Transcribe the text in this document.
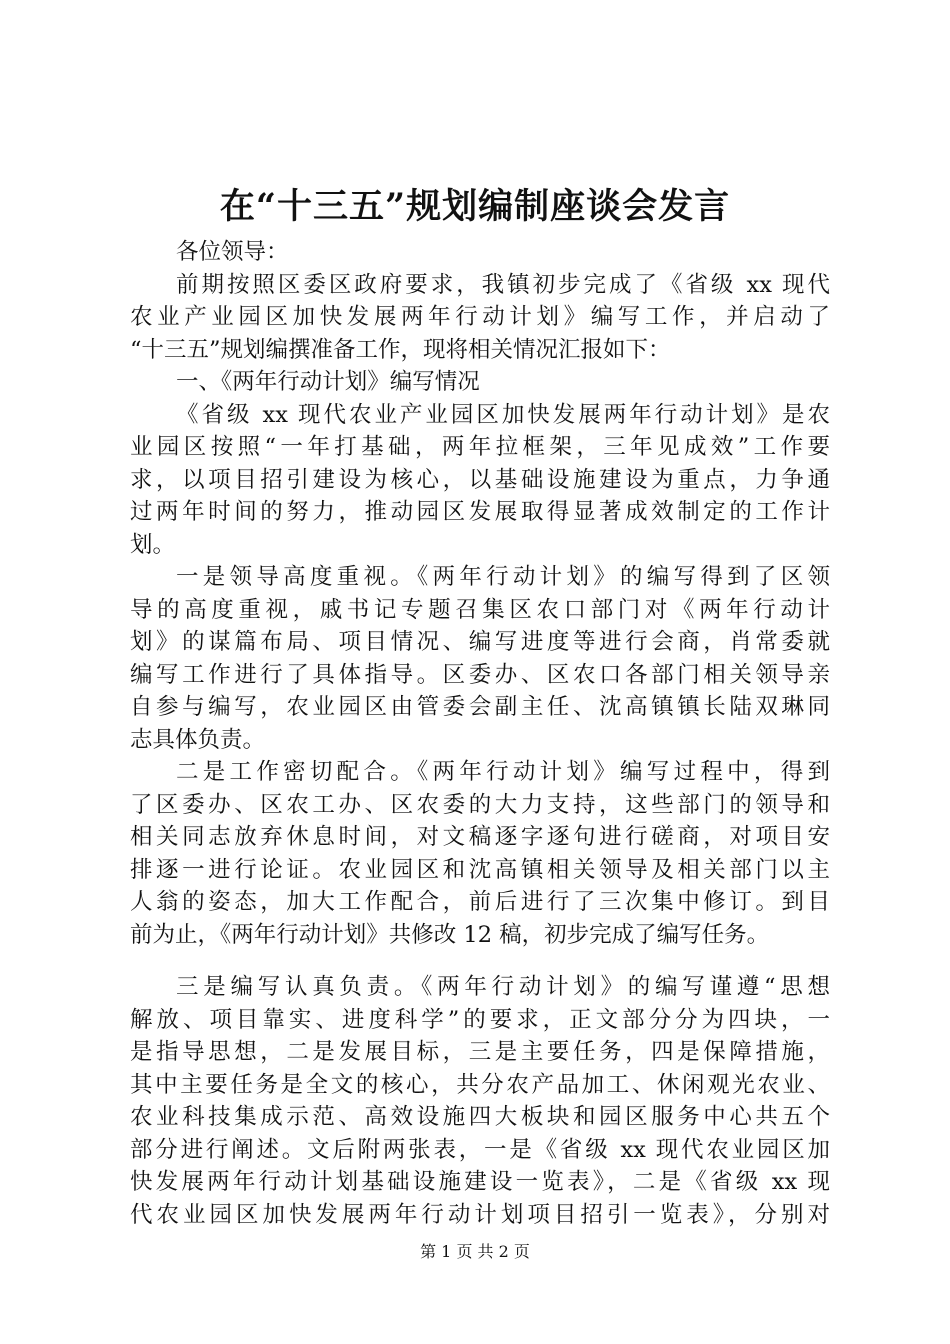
在“十三五”规划编制座谈会发言
各位领导：
前期按照区委区政府要求，我镇初步完成了《省级 xx 现代
农业产业园区加快发展两年行动计划》编写工作，并启动了
“十三五”规划编撰准备工作，现将相关情况汇报如下：
一、《两年行动计划》编写情况
《省级 xx 现代农业产业园区加快发展两年行动计划》是农
业园区按照“一年打基础，两年拉框架，三年见成效”工作要
求，以项目招引建设为核心，以基础设施建设为重点，力争通
过两年时间的努力，推动园区发展取得显著成效制定的工作计
划。
一是领导高度重视。《两年行动计划》的编写得到了区领
导的高度重视，戚书记专题召集区农口部门对《两年行动计
划》的谋篇布局、项目情况、编写进度等进行会商，肖常委就
编写工作进行了具体指导。区委办、区农口各部门相关领导亲
自参与编写，农业园区由管委会副主任、沈高镇镇长陆双琳同
志具体负责。
二是工作密切配合。《两年行动计划》编写过程中，得到
了区委办、区农工办、区农委的大力支持，这些部门的领导和
相关同志放弃休息时间，对文稿逐字逐句进行磋商，对项目安
排逐一进行论证。农业园区和沈高镇相关领导及相关部门以主
人翁的姿态，加大工作配合，前后进行了三次集中修订。到目
前为止，《两年行动计划》共修改 12 稿，初步完成了编写任务。
三是编写认真负责。《两年行动计划》的编写谨遵“思想
解放、项目靠实、进度科学”的要求，正文部分分为四块，一
是指导思想，二是发展目标，三是主要任务，四是保障措施，
其中主要任务是全文的核心，共分农产品加工、休闲观光农业、
农业科技集成示范、高效设施四大板块和园区服务中心共五个
部分进行阐述。文后附两张表，一是《省级 xx 现代农业园区加
快发展两年行动计划基础设施建设一览表》，二是《省级 xx 现
代农业园区加快发展两年行动计划项目招引一览表》，分别对
第 1 页 共 2 页
